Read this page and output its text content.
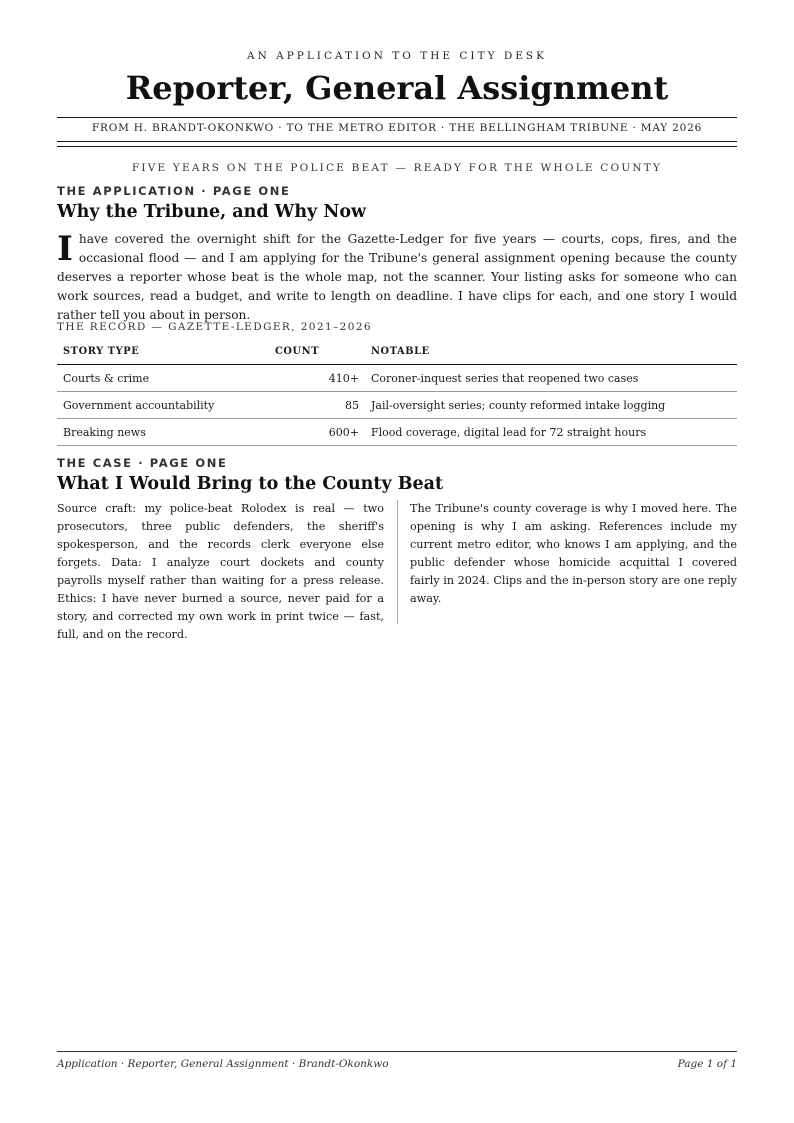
AN APPLICATION TO THE CITY DESK
Reporter, General Assignment
FROM H. BRANDT-OKONKWO · TO THE METRO EDITOR · THE BELLINGHAM TRIBUNE · MAY 2026
FIVE YEARS ON THE POLICE BEAT — READY FOR THE WHOLE COUNTY
THE APPLICATION · PAGE ONE
Why the Tribune, and Why Now

Ihave covered the overnight shift for the Gazette-Ledger for five years — courts, cops, fires, and the occasional flood — and I am applying for the Tribune's general assignment opening because the county deserves a reporter whose beat is the whole map, not the scanner. Your listing asks for someone who can work sources, read a budget, and write to length on deadline. I have clips for each, and one story I would rather tell you about in person.

THE RECORD — GAZETTE-LEDGER, 2021–2026
STORY TYPE	COUNT	NOTABLE
Courts & crime	410+	Coroner-inquest series that reopened two cases
Government accountability	85	Jail-oversight series; county reformed intake logging
Breaking news	600+	Flood coverage, digital lead for 72 straight hours
THE CASE · PAGE ONE
What I Would Bring to the County Beat

Source craft: my police-beat Rolodex is real — two prosecutors, three public defenders, the sheriff's spokesperson, and the records clerk everyone else forgets. Data: I analyze court dockets and county payrolls myself rather than waiting for a press release. Ethics: I have never burned a source, never paid for a story, and corrected my own work in print twice — fast, full, and on the record.

The Tribune's county coverage is why I moved here. The opening is why I am asking. References include my current metro editor, who knows I am applying, and the public defender whose homicide acquittal I covered fairly in 2024. Clips and the in-person story are one reply away.

Application · Reporter, General Assignment · Brandt-Okonkwo	Page 1 of 1
